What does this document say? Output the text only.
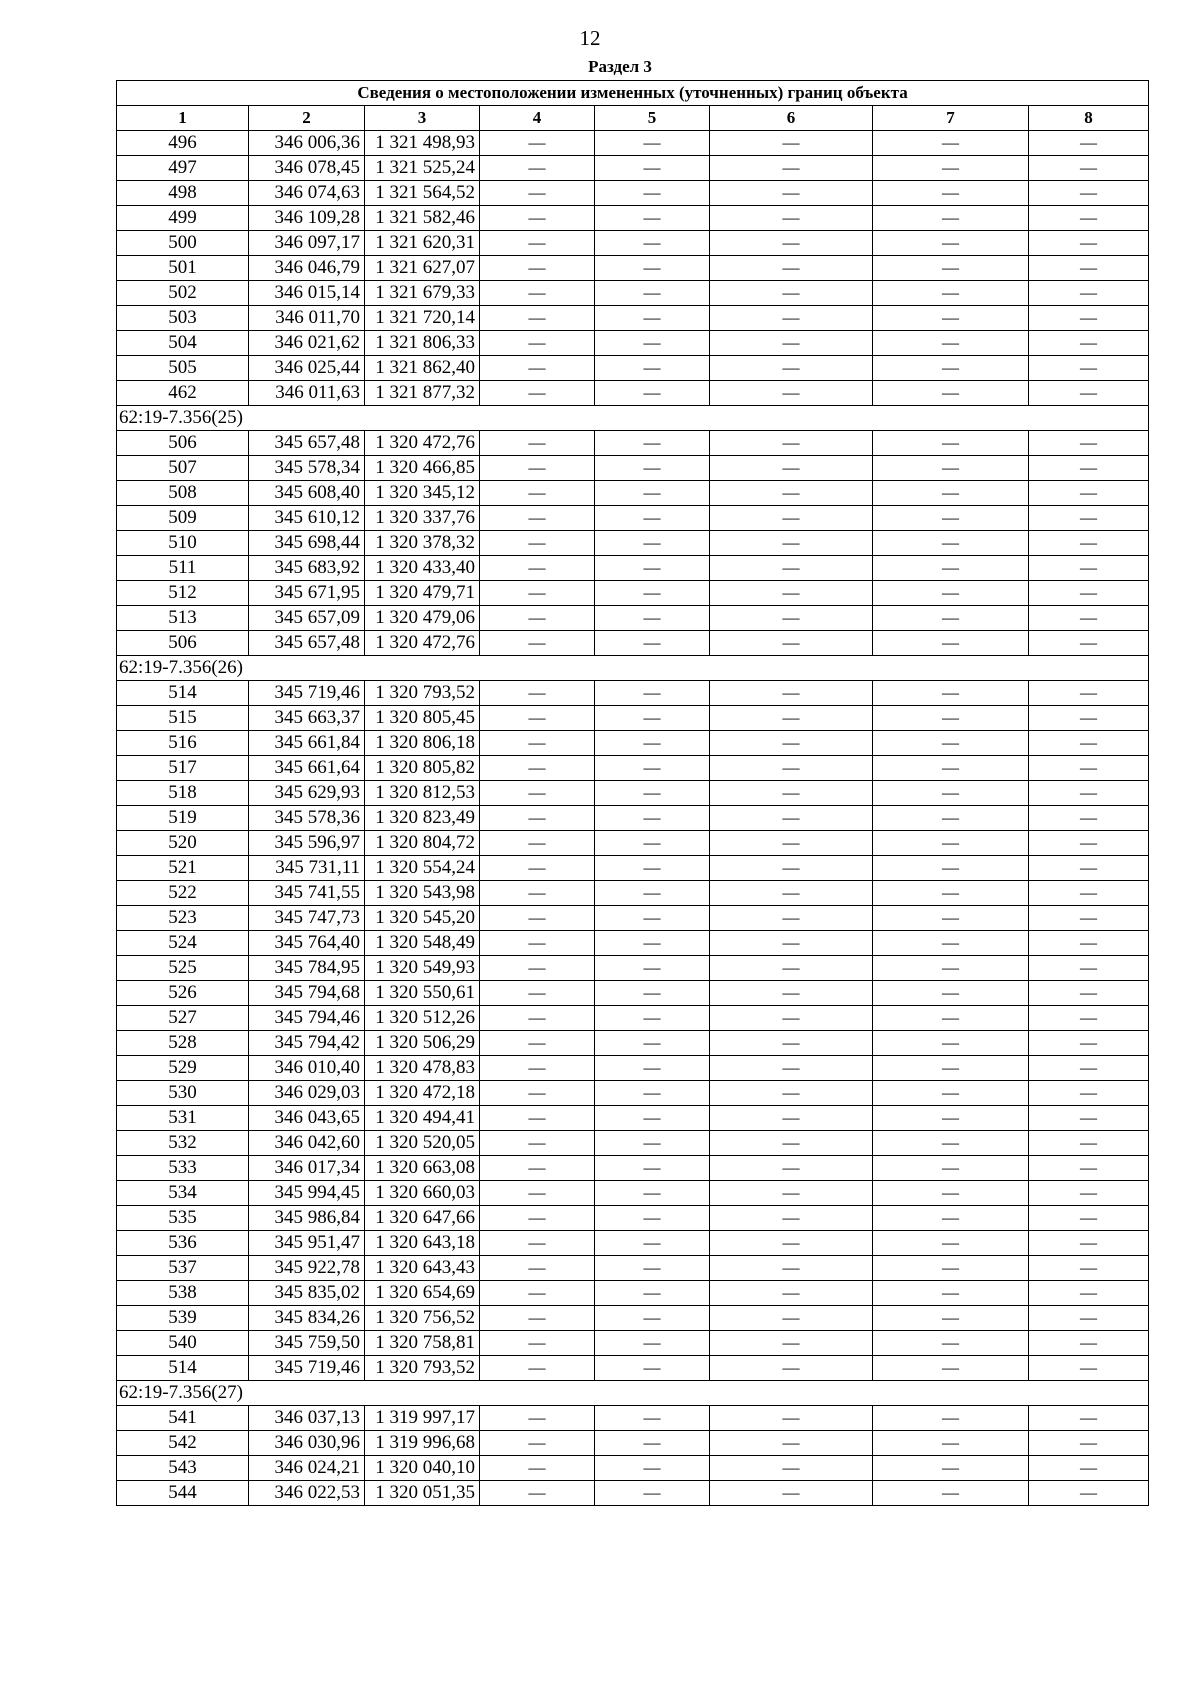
12
Раздел 3
Сведения о местоположении измененных (уточненных) границ объекта							
1	2	3	4	5	6	7	8
496	346 006,36	1 321 498,93	—	—	—	—	—
497	346 078,45	1 321 525,24	—	—	—	—	—
498	346 074,63	1 321 564,52	—	—	—	—	—
499	346 109,28	1 321 582,46	—	—	—	—	—
500	346 097,17	1 321 620,31	—	—	—	—	—
501	346 046,79	1 321 627,07	—	—	—	—	—
502	346 015,14	1 321 679,33	—	—	—	—	—
503	346 011,70	1 321 720,14	—	—	—	—	—
504	346 021,62	1 321 806,33	—	—	—	—	—
505	346 025,44	1 321 862,40	—	—	—	—	—
462	346 011,63	1 321 877,32	—	—	—	—	—
62:19-7.356(25)							
506	345 657,48	1 320 472,76	—	—	—	—	—
507	345 578,34	1 320 466,85	—	—	—	—	—
508	345 608,40	1 320 345,12	—	—	—	—	—
509	345 610,12	1 320 337,76	—	—	—	—	—
510	345 698,44	1 320 378,32	—	—	—	—	—
511	345 683,92	1 320 433,40	—	—	—	—	—
512	345 671,95	1 320 479,71	—	—	—	—	—
513	345 657,09	1 320 479,06	—	—	—	—	—
506	345 657,48	1 320 472,76	—	—	—	—	—
62:19-7.356(26)							
514	345 719,46	1 320 793,52	—	—	—	—	—
515	345 663,37	1 320 805,45	—	—	—	—	—
516	345 661,84	1 320 806,18	—	—	—	—	—
517	345 661,64	1 320 805,82	—	—	—	—	—
518	345 629,93	1 320 812,53	—	—	—	—	—
519	345 578,36	1 320 823,49	—	—	—	—	—
520	345 596,97	1 320 804,72	—	—	—	—	—
521	345 731,11	1 320 554,24	—	—	—	—	—
522	345 741,55	1 320 543,98	—	—	—	—	—
523	345 747,73	1 320 545,20	—	—	—	—	—
524	345 764,40	1 320 548,49	—	—	—	—	—
525	345 784,95	1 320 549,93	—	—	—	—	—
526	345 794,68	1 320 550,61	—	—	—	—	—
527	345 794,46	1 320 512,26	—	—	—	—	—
528	345 794,42	1 320 506,29	—	—	—	—	—
529	346 010,40	1 320 478,83	—	—	—	—	—
530	346 029,03	1 320 472,18	—	—	—	—	—
531	346 043,65	1 320 494,41	—	—	—	—	—
532	346 042,60	1 320 520,05	—	—	—	—	—
533	346 017,34	1 320 663,08	—	—	—	—	—
534	345 994,45	1 320 660,03	—	—	—	—	—
535	345 986,84	1 320 647,66	—	—	—	—	—
536	345 951,47	1 320 643,18	—	—	—	—	—
537	345 922,78	1 320 643,43	—	—	—	—	—
538	345 835,02	1 320 654,69	—	—	—	—	—
539	345 834,26	1 320 756,52	—	—	—	—	—
540	345 759,50	1 320 758,81	—	—	—	—	—
514	345 719,46	1 320 793,52	—	—	—	—	—
62:19-7.356(27)							
541	346 037,13	1 319 997,17	—	—	—	—	—
542	346 030,96	1 319 996,68	—	—	—	—	—
543	346 024,21	1 320 040,10	—	—	—	—	—
544	346 022,53	1 320 051,35	—	—	—	—	—
